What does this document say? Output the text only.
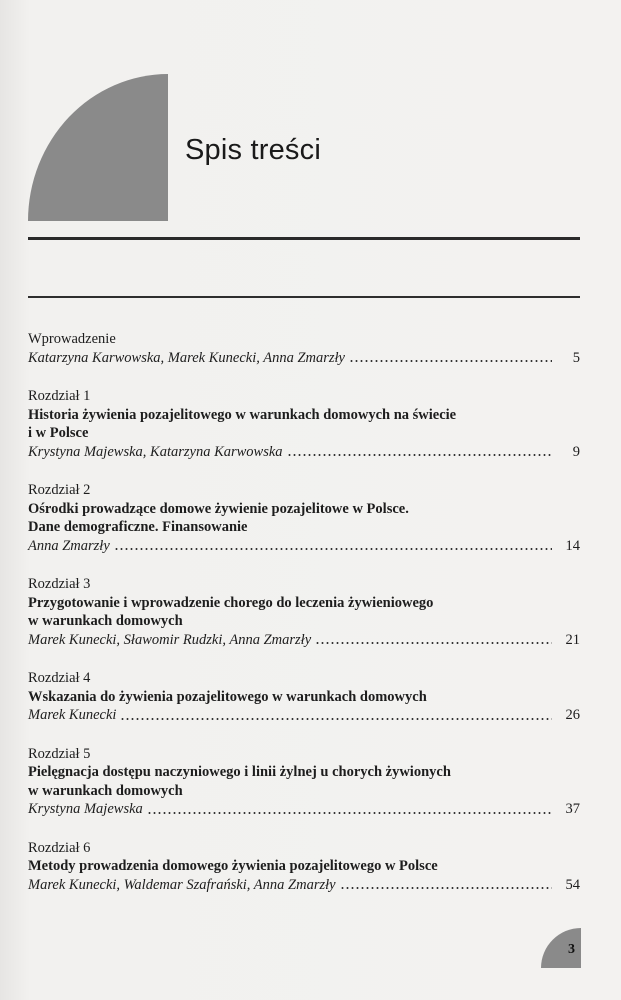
Spis treści
Wprowadzenie
Katarzyna Karwowska, Marek Kunecki, Anna Zmarzły	5
Rozdział 1
Historia żywienia pozajelitowego w warunkach domowych na świecie
i w Polsce
Krystyna Majewska, Katarzyna Karwowska	9
Rozdział 2
Ośrodki prowadzące domowe żywienie pozajelitowe w Polsce.
Dane demograficzne. Finansowanie
Anna Zmarzły	14
Rozdział 3
Przygotowanie i wprowadzenie chorego do leczenia żywieniowego
w warunkach domowych
Marek Kunecki, Sławomir Rudzki, Anna Zmarzły	21
Rozdział 4
Wskazania do żywienia pozajelitowego w warunkach domowych
Marek Kunecki	26
Rozdział 5
Pielęgnacja dostępu naczyniowego i linii żylnej u chorych żywionych
w warunkach domowych
Krystyna Majewska	37
Rozdział 6
Metody prowadzenia domowego żywienia pozajelitowego w Polsce
Marek Kunecki, Waldemar Szafrański, Anna Zmarzły	54
3
